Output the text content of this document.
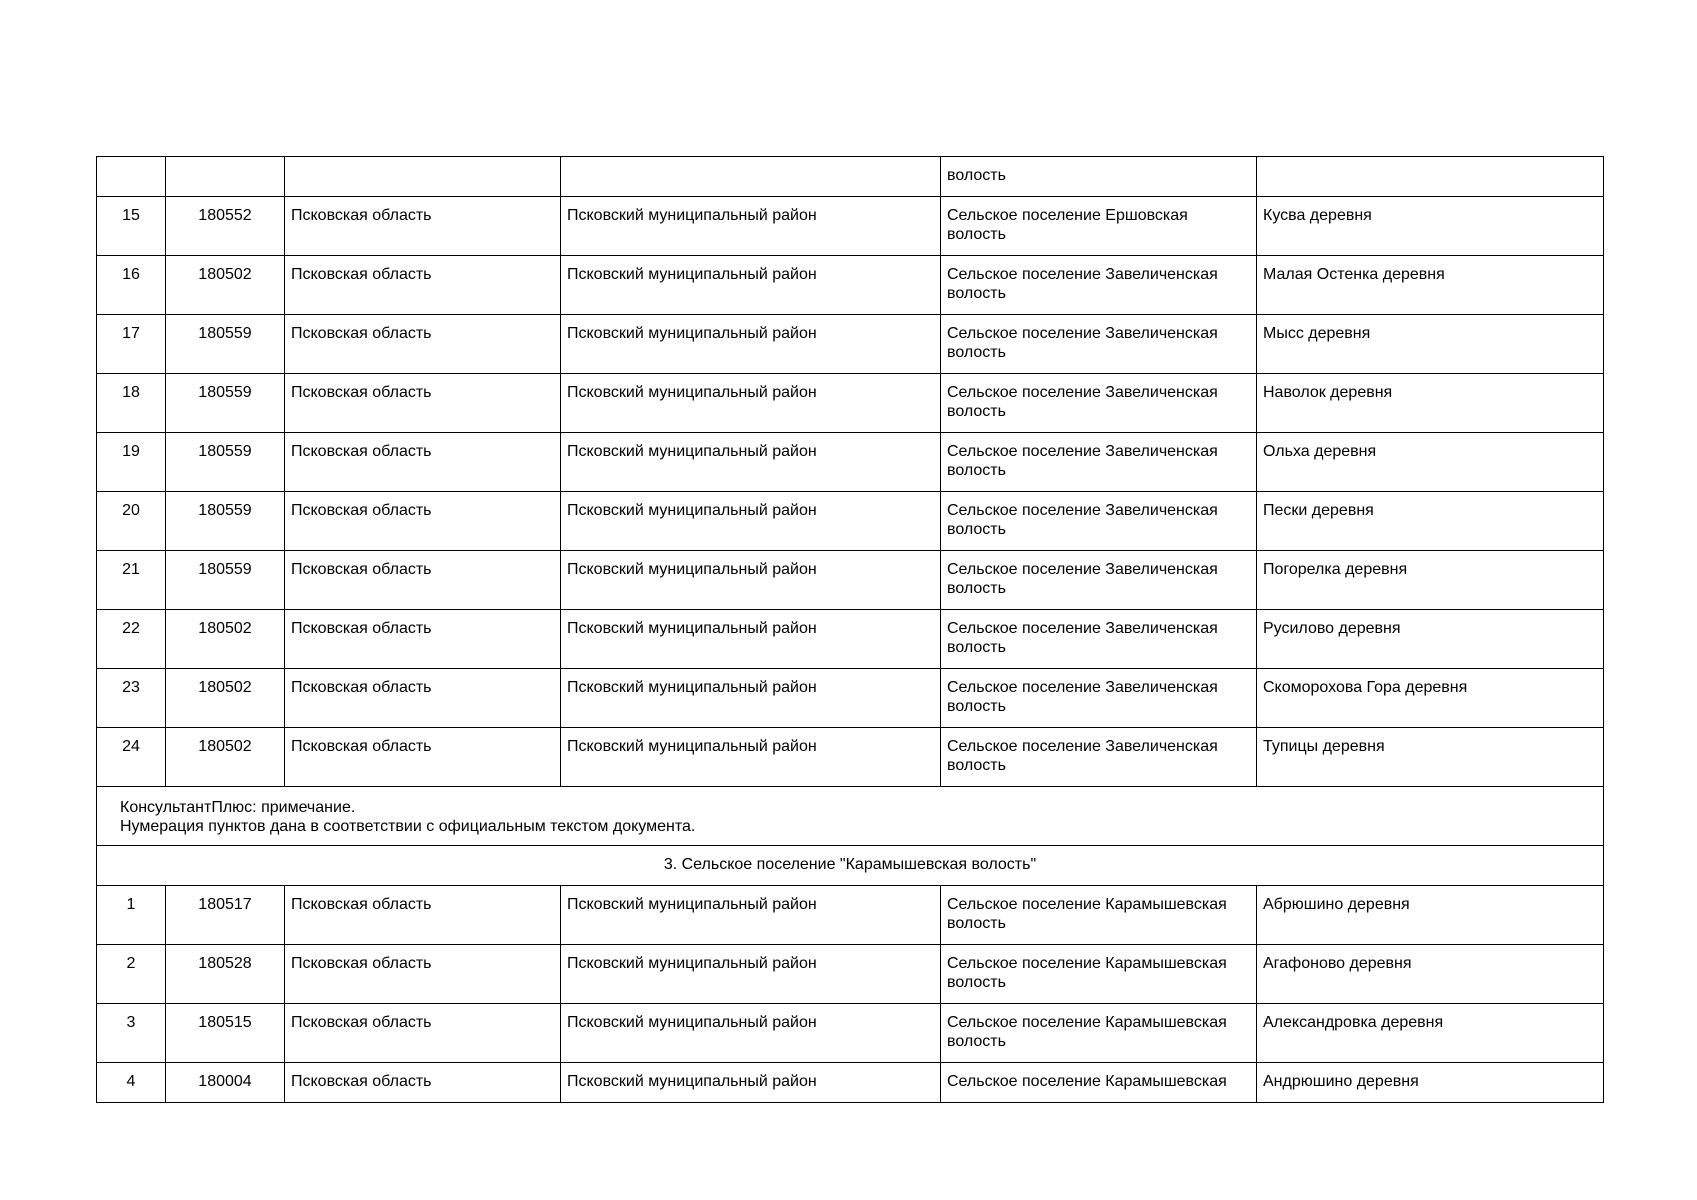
				волость	
15	180552	Псковская область	Псковский муниципальный район	Сельское поселение Ершовская волость	Кусва деревня
16	180502	Псковская область	Псковский муниципальный район	Сельское поселение Завеличенская волость	Малая Остенка деревня
17	180559	Псковская область	Псковский муниципальный район	Сельское поселение Завеличенская волость	Мысс деревня
18	180559	Псковская область	Псковский муниципальный район	Сельское поселение Завеличенская волость	Наволок деревня
19	180559	Псковская область	Псковский муниципальный район	Сельское поселение Завеличенская волость	Ольха деревня
20	180559	Псковская область	Псковский муниципальный район	Сельское поселение Завеличенская волость	Пески деревня
21	180559	Псковская область	Псковский муниципальный район	Сельское поселение Завеличенская волость	Погорелка деревня
22	180502	Псковская область	Псковский муниципальный район	Сельское поселение Завеличенская волость	Русилово деревня
23	180502	Псковская область	Псковский муниципальный район	Сельское поселение Завеличенская волость	Скоморохова Гора деревня
24	180502	Псковская область	Псковский муниципальный район	Сельское поселение Завеличенская волость	Тупицы деревня

КонсультантПлюс: примечание.
Нумерация пунктов дана в соответствии с официальным текстом документа.					

3. Сельское поселение "Карамышевская волость"					
1	180517	Псковская область	Псковский муниципальный район	Сельское поселение Карамышевская волость	Абрюшино деревня
2	180528	Псковская область	Псковский муниципальный район	Сельское поселение Карамышевская волость	Агафоново деревня
3	180515	Псковская область	Псковский муниципальный район	Сельское поселение Карамышевская волость	Александровка деревня
4	180004	Псковская область	Псковский муниципальный район	Сельское поселение Карамышевская	Андрюшино деревня
